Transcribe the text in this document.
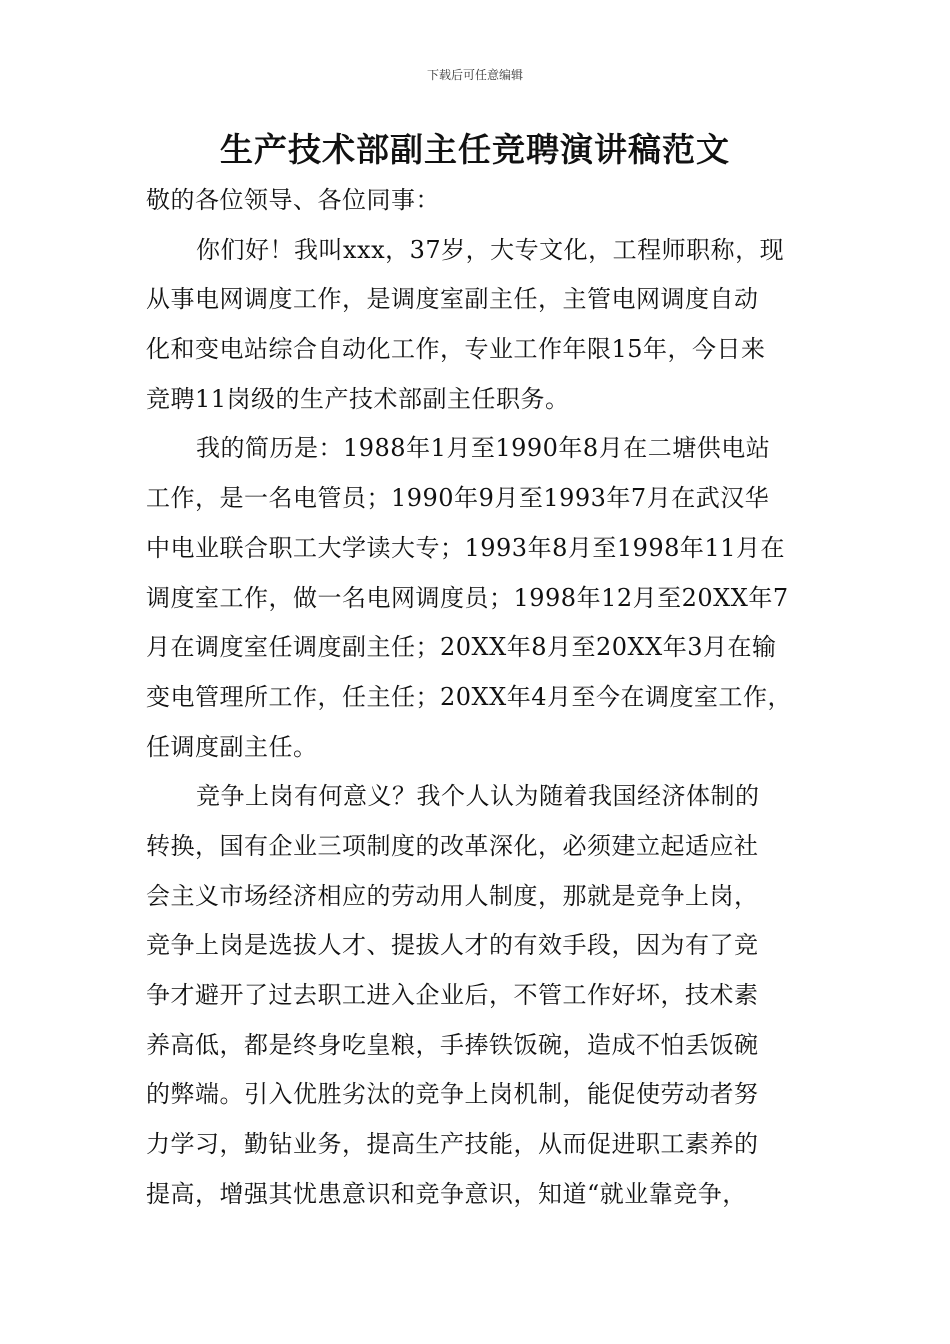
下载后可任意编辑
生产技术部副主任竞聘演讲稿范文
敬的各位领导、各位同事：
你们好！我叫xxx，37岁，大专文化，工程师职称，现
从事电网调度工作，是调度室副主任，主管电网调度自动
化和变电站综合自动化工作，专业工作年限15年，今日来
竞聘11岗级的生产技术部副主任职务。
我的简历是：1988年1月至1990年8月在二塘供电站
工作，是一名电管员；1990年9月至1993年7月在武汉华
中电业联合职工大学读大专；1993年8月至1998年11月在
调度室工作，做一名电网调度员；1998年12月至20XX年7
月在调度室任调度副主任；20XX年8月至20XX年3月在输
变电管理所工作，任主任；20XX年4月至今在调度室工作，
任调度副主任。
竞争上岗有何意义？我个人认为随着我国经济体制的
转换，国有企业三项制度的改革深化，必须建立起适应社
会主义市场经济相应的劳动用人制度，那就是竞争上岗，
竞争上岗是选拔人才、提拔人才的有效手段，因为有了竞
争才避开了过去职工进入企业后，不管工作好坏，技术素
养高低，都是终身吃皇粮，手捧铁饭碗，造成不怕丢饭碗
的弊端。引入优胜劣汰的竞争上岗机制，能促使劳动者努
力学习，勤钻业务，提高生产技能，从而促进职工素养的
提高，增强其忧患意识和竞争意识，知道“就业靠竞争，
